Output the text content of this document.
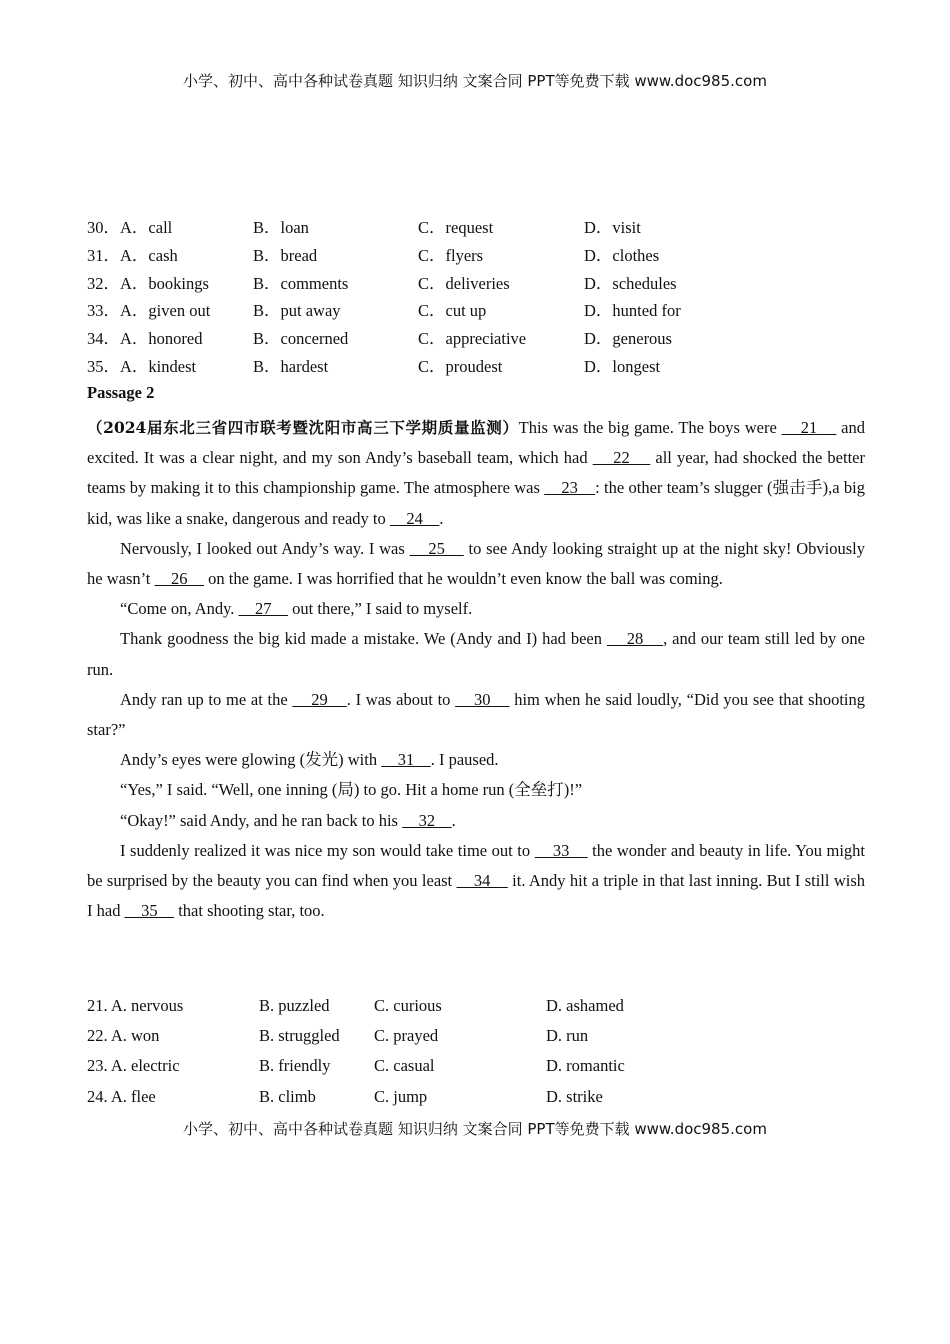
小学、初中、高中各种试卷真题 知识归纳 文案合同 PPT等免费下载 www.doc985.com
30．A．call	B．loan	C．request	D．visit
31．A．cash	B．bread	C．flyers	D．clothes
32．A．bookings	B．comments	C．deliveries	D．schedules
33．A．given out	B．put away	C．cut up	D．hunted for
34．A．honored	B．concerned	C．appreciative	D．generous
35．A．kindest	B．hardest	C．proudest	D．longest
Passage 2

（2024届东北三省四市联考暨沈阳市高三下学期质量监测）This was the big game. The boys were     21     and excited. It was a clear night, and my son Andy’s baseball team, which had     22     all year, had shocked the better teams by making it to this championship game. The atmosphere was     23    : the other team’s slugger (强击手),a big kid, was like a snake, dangerous and ready to     24    .

Nervously, I looked out Andy’s way. I was     25     to see Andy looking straight up at the night sky! Obviously he wasn’t     26     on the game. I was horrified that he wouldn’t even know the ball was coming.

“Come on, Andy.     27     out there,” I said to myself.

Thank goodness the big kid made a mistake. We (Andy and I) had been     28    , and our team still led by one run.

Andy ran up to me at the     29    . I was about to     30     him when he said loudly, “Did you see that shooting star?”

Andy’s eyes were glowing (发光) with     31    . I paused.

“Yes,” I said. “Well, one inning (局) to go. Hit a home run (全垒打)!”

“Okay!” said Andy, and he ran back to his     32    .

I suddenly realized it was nice my son would take time out to     33     the wonder and beauty in life. You might be surprised by the beauty you can find when you least     34     it. Andy hit a triple in that last inning. But I still wish I had     35     that shooting star, too.

21. A. nervous	B. puzzled	C. curious	D. ashamed
22. A. won	B. struggled C. prayed	D. run
23. A. electric	B. friendly	C. casual	D. romantic
24. A. flee	B. climb	C. jump	D. strike
小学、初中、高中各种试卷真题 知识归纳 文案合同 PPT等免费下载 www.doc985.com
